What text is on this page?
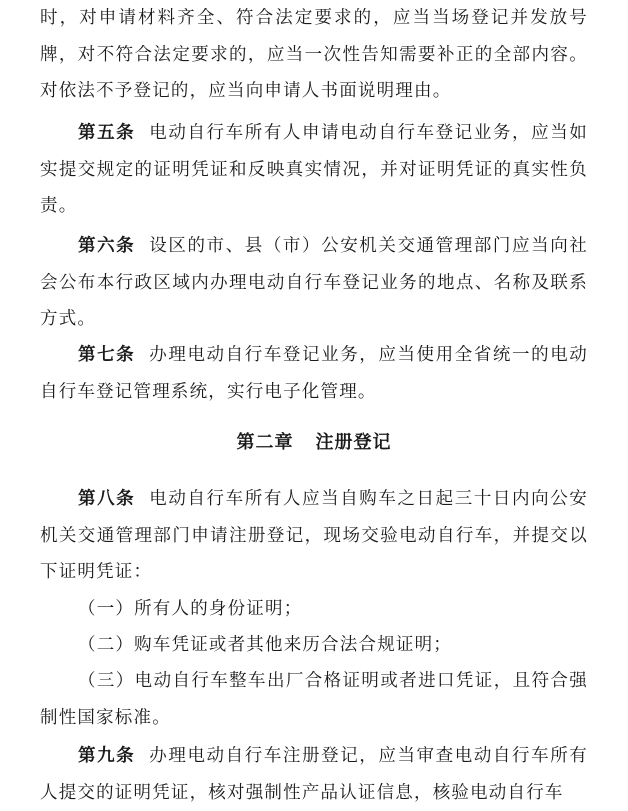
时，对申请材料齐全、符合法定要求的，应当当场登记并发放号牌，对不符合法定要求的，应当一次性告知需要补正的全部内容。对依法不予登记的，应当向申请人书面说明理由。

第五条 电动自行车所有人申请电动自行车登记业务，应当如实提交规定的证明凭证和反映真实情况，并对证明凭证的真实性负责。

第六条 设区的市、县（市）公安机关交通管理部门应当向社会公布本行政区域内办理电动自行车登记业务的地点、名称及联系方式。

第七条 办理电动自行车登记业务，应当使用全省统一的电动自行车登记管理系统，实行电子化管理。

第二章 注册登记

第八条 电动自行车所有人应当自购车之日起三十日内向公安机关交通管理部门申请注册登记，现场交验电动自行车，并提交以下证明凭证：

（一）所有人的身份证明；

（二）购车凭证或者其他来历合法合规证明；

（三）电动自行车整车出厂合格证明或者进口凭证，且符合强制性国家标准。

第九条 办理电动自行车注册登记，应当审查电动自行车所有人提交的证明凭证，核对强制性产品认证信息，核验电动自行车
